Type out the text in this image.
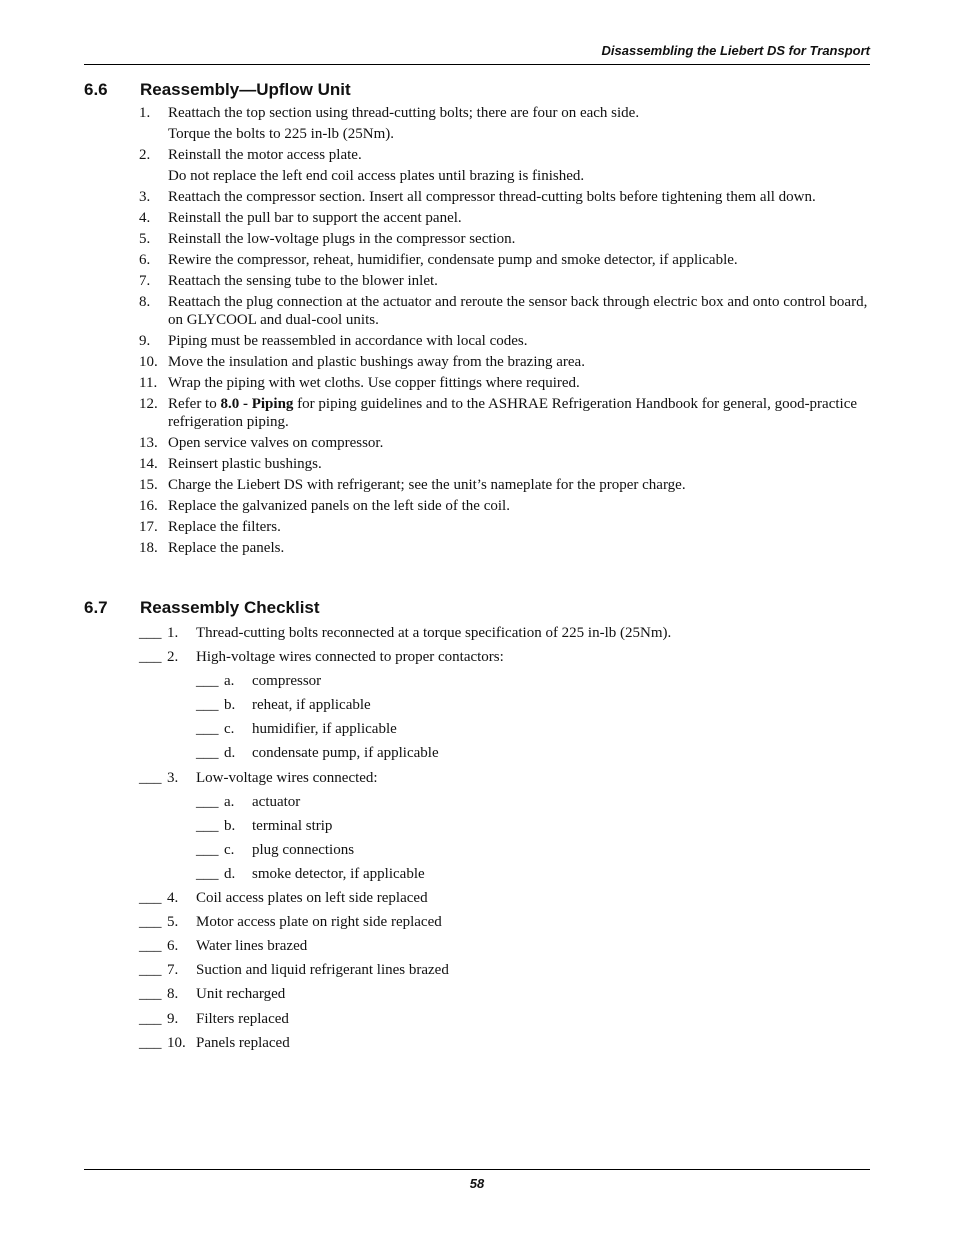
Disassembling the Liebert DS for Transport
6.6 Reassembly—Upflow Unit
1.	Reattach the top section using thread-cutting bolts; there are four on each side.
Torque the bolts to 225 in-lb (25Nm).
2.	Reinstall the motor access plate.
Do not replace the left end coil access plates until brazing is finished.
3.	Reattach the compressor section. Insert all compressor thread-cutting bolts before tightening them all down.
4.	Reinstall the pull bar to support the accent panel.
5.	Reinstall the low-voltage plugs in the compressor section.
6.	Rewire the compressor, reheat, humidifier, condensate pump and smoke detector, if applicable.
7.	Reattach the sensing tube to the blower inlet.
8.	Reattach the plug connection at the actuator and reroute the sensor back through electric box and onto control board, on GLYCOOL and dual-cool units.
9.	Piping must be reassembled in accordance with local codes.
10. Move the insulation and plastic bushings away from the brazing area.
11. Wrap the piping with wet cloths. Use copper fittings where required.
12. Refer to 8.0 - Piping for piping guidelines and to the ASHRAE Refrigeration Handbook for general, good-practice refrigeration piping.
13. Open service valves on compressor.
14. Reinsert plastic bushings.
15. Charge the Liebert DS with refrigerant; see the unit’s nameplate for the proper charge.
16. Replace the galvanized panels on the left side of the coil.
17. Replace the filters.
18. Replace the panels.
6.7 Reassembly Checklist
___ 1.	Thread-cutting bolts reconnected at a torque specification of 225 in-lb (25Nm).
___ 2.	High-voltage wires connected to proper contactors:
___ a.	compressor
___ b.	reheat, if applicable
___ c.	humidifier, if applicable
___ d.	condensate pump, if applicable
___ 3.	Low-voltage wires connected:
___ a.	actuator
___ b.	terminal strip
___ c.	plug connections
___ d.	smoke detector, if applicable
___ 4.	Coil access plates on left side replaced
___ 5.	Motor access plate on right side replaced
___ 6.	Water lines brazed
___ 7.	Suction and liquid refrigerant lines brazed
___ 8.	Unit recharged
___ 9.	Filters replaced
___ 10. Panels replaced
58
